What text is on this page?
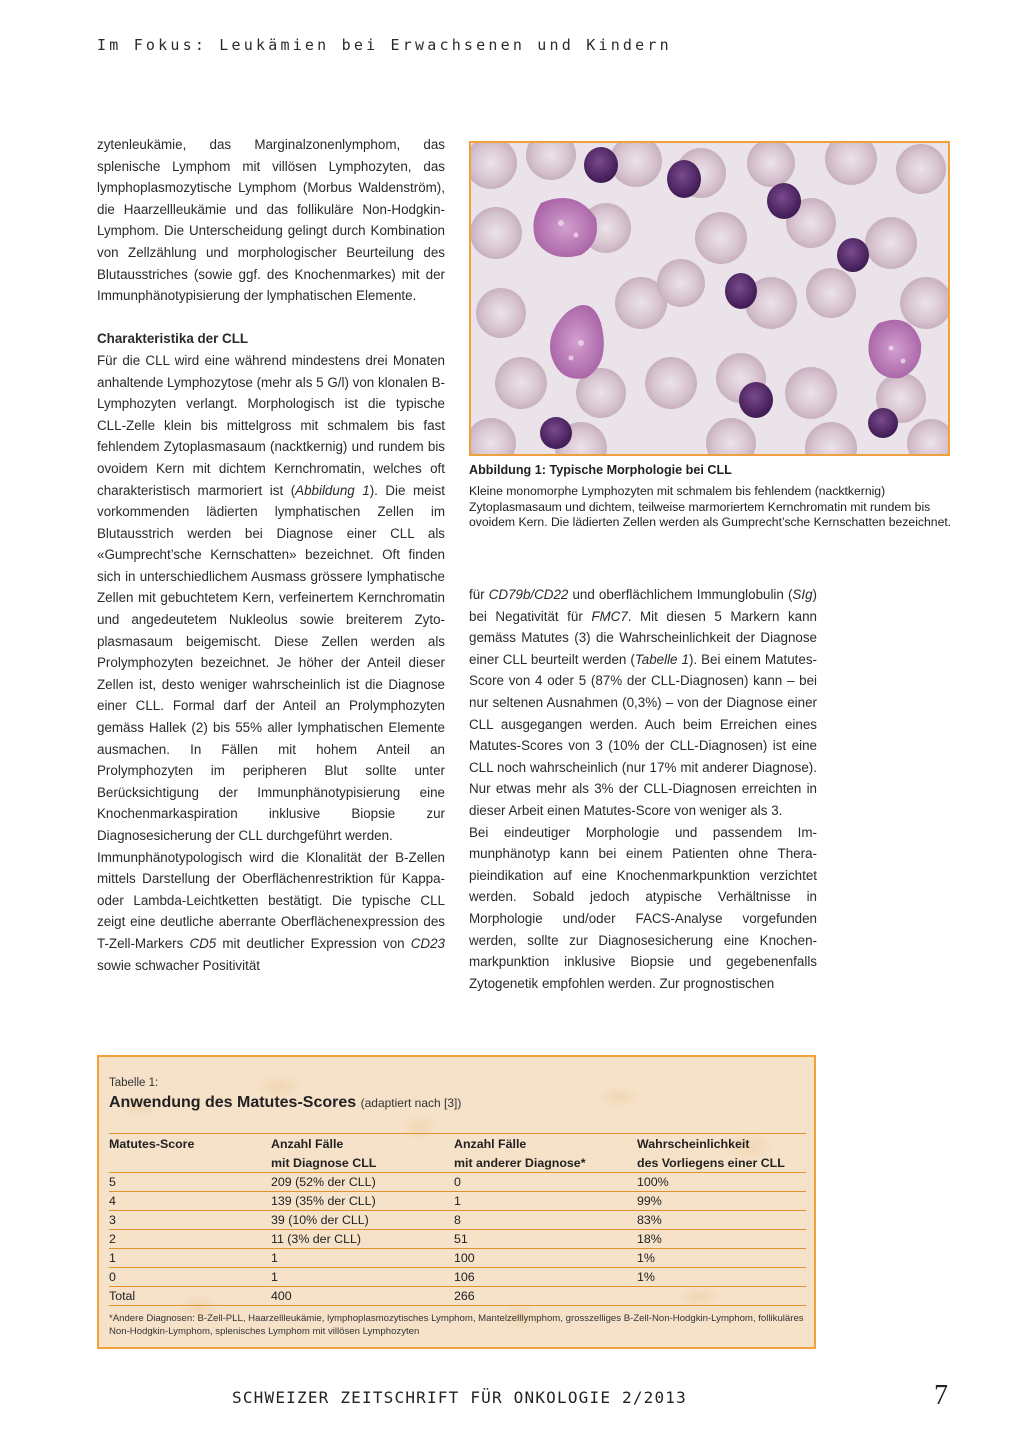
Im Fokus: Leukämien bei Erwachsenen und Kindern

zytenleukämie, das Marginalzonenlymphom, das splenische Lymphom mit villösen Lymphozyten, das lymphoplasmozytische Lymphom (Morbus Waldenström), die Haarzellleukämie und das follikuläre Non-Hodgkin-Lymphom. Die Unterscheidung gelingt durch Kombination von Zellzählung und morphologischer Beurteilung des Blutausstriches (sowie ggf. des Knochenmarkes) mit der Immunphänotypisierung der lymphatischen Elemente.

Charakteristika der CLL

Für die CLL wird eine während mindestens drei Monaten anhaltende Lymphozytose (mehr als 5 G/l) von klonalen B-Lymphozyten verlangt. Morphologisch ist die typische CLL-Zelle klein bis mittelgross mit schmalem bis fast fehlendem Zytoplasmasaum (nacktkernig) und rundem bis ovoidem Kern mit dichtem Kernchromatin, welches oft charakteristisch marmoriert ist (Abbildung 1). Die meist vorkommenden lädierten lymphatischen Zellen im Blutausstrich werden bei Diagnose einer CLL als «Gumprecht’sche Kernschatten» bezeichnet. Oft finden sich in unterschiedlichem Ausmass grössere lymphatische Zellen mit gebuchtetem Kern, verfeinertem Kernchromatin und angedeutetem Nukleolus sowie breiterem Zytoplasmasaum beigemischt. Diese Zellen werden als Prolymphozyten bezeichnet. Je höher der Anteil dieser Zellen ist, desto weniger wahrscheinlich ist die Diagnose einer CLL. Formal darf der Anteil an Prolymphozyten gemäss Hallek (2) bis 55% aller lymphatischen Elemente ausmachen. In Fällen mit hohem Anteil an Prolymphozyten im peripheren Blut sollte unter Berücksichtigung der Immunphänotypisierung eine Knochenmarkaspiration inklusive Biopsie zur Diagnosesicherung der CLL durchgeführt werden.

Immunphänotypologisch wird die Klonalität der B-Zellen mittels Darstellung der Oberflächenrestriktion für Kappa- oder Lambda-Leichtketten bestätigt. Die typische CLL zeigt eine deutliche aberrante Oberflächenexpression des T-Zell-Markers CD5 mit deutlicher Expression von CD23 sowie schwacher Positivität

Abbildung 1: Typische Morphologie bei CLL
Kleine monomorphe Lymphozyten mit schmalem bis fehlendem (nacktkernig) Zytoplasmasaum und dichtem, teilweise marmoriertem Kernchromatin mit rundem bis ovoidem Kern. Die lädierten Zellen werden als Gumprecht’sche Kernschatten bezeichnet.

für CD79b/CD22 und oberflächlichem Immunglobulin (SIg) bei Negativität für FMC7. Mit diesen 5 Markern kann gemäss Matutes (3) die Wahrscheinlichkeit der Diagnose einer CLL beurteilt werden (Tabelle 1). Bei einem Matutes-Score von 4 oder 5 (87% der CLL-Diagnosen) kann – bei nur seltenen Ausnahmen (0,3%) – von der Diagnose einer CLL ausgegangen werden. Auch beim Erreichen eines Matutes-Scores von 3 (10% der CLL-Diagnosen) ist eine CLL noch wahrscheinlich (nur 17% mit anderer Diagnose). Nur etwas mehr als 3% der CLL-Diagnosen erreichten in dieser Arbeit einen Matutes-Score von weniger als 3.

Bei eindeutiger Morphologie und passendem Immunphänotyp kann bei einem Patienten ohne Therapieindikation auf eine Knochenmarkpunktion verzichtet werden. Sobald jedoch atypische Verhältnisse in Morphologie und/oder FACS-Analyse vorgefunden werden, sollte zur Diagnosesicherung eine Knochenmarkpunktion inklusive Biopsie und gegebenenfalls Zytogenetik empfohlen werden. Zur prognostischen

Tabelle 1:
Anwendung des Matutes-Scores (adaptiert nach [3])
Matutes-Score	Anzahl Fälle	Anzahl Fälle	Wahrscheinlichkeit
	mit Diagnose CLL	mit anderer Diagnose*	des Vorliegens einer CLL
5	209 (52% der CLL)	0	100%
4	139 (35% der CLL)	1	99%
3	39 (10% der CLL)	8	83%
2	11 (3% der CLL)	51	18%
1	1	100	1%
0	1	106	1%
Total	400	266	
*Andere Diagnosen: B-Zell-PLL, Haarzellleukämie, lymphoplasmozytisches Lymphom, Mantelzelllymphom, grosszelliges B-Zell-Non-Hodgkin-Lymphom, follikuläres Non-Hodgkin-Lymphom, splenisches Lymphom mit villösen Lymphozyten
SCHWEIZER ZEITSCHRIFT FÜR ONKOLOGIE 2/2013	7
